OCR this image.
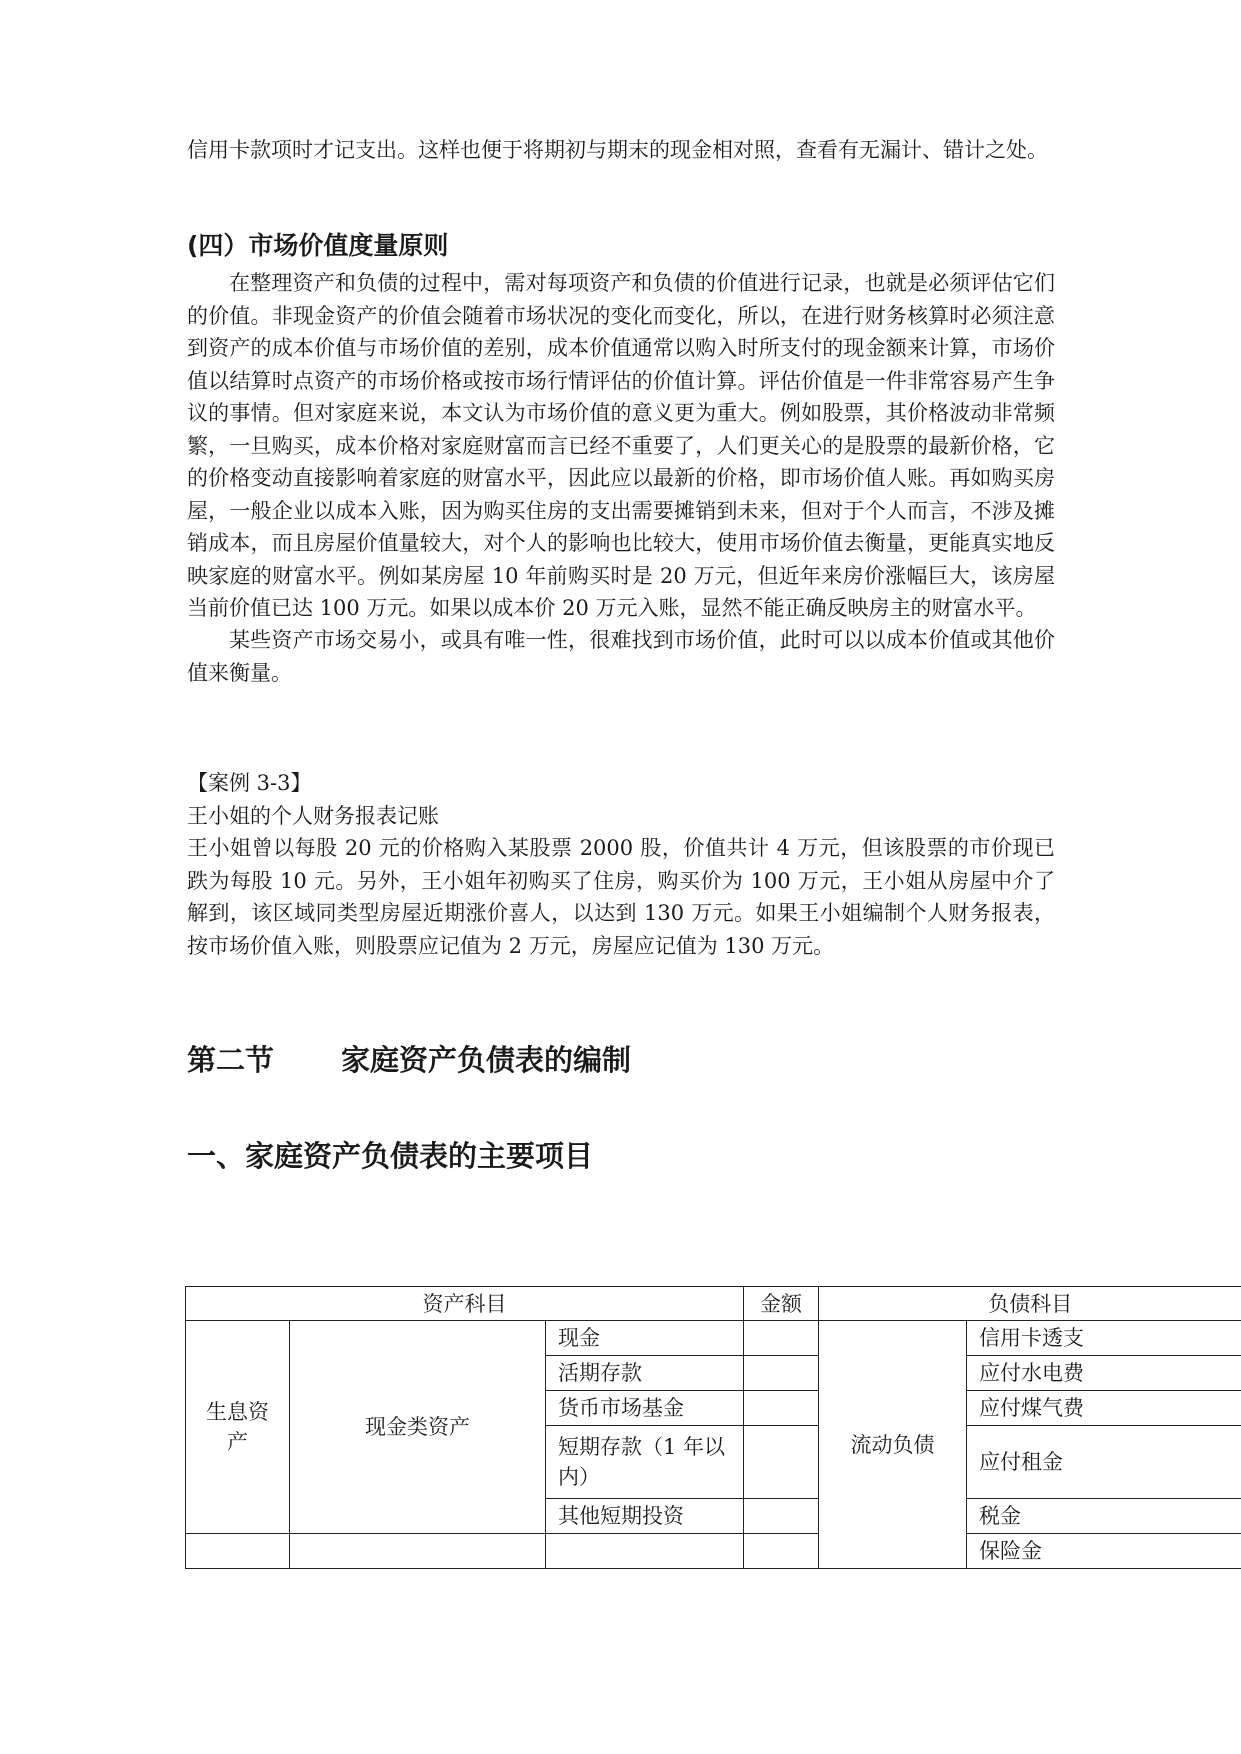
信用卡款项时才记支出。这样也便于将期初与期末的现金相对照，查看有无漏计、错计之处。

(四）市场价值度量原则

在整理资产和负债的过程中，需对每项资产和负债的价值进行记录，也就是必须评估它们的价值。非现金资产的价值会随着市场状况的变化而变化，所以，在进行财务核算时必须注意到资产的成本价值与市场价值的差别，成本价值通常以购入时所支付的现金额来计算，市场价值以结算时点资产的市场价格或按市场行情评估的价值计算。评估价值是一件非常容易产生争议的事情。但对家庭来说，本文认为市场价值的意义更为重大。例如股票，其价格波动非常频繁，一旦购买，成本价格对家庭财富而言已经不重要了，人们更关心的是股票的最新价格，它的价格变动直接影响着家庭的财富水平，因此应以最新的价格，即市场价值人账。再如购买房屋，一般企业以成本入账，因为购买住房的支出需要摊销到未来，但对于个人而言，不涉及摊销成本，而且房屋价值量较大，对个人的影响也比较大，使用市场价值去衡量，更能真实地反映家庭的财富水平。例如某房屋 10 年前购买时是 20 万元，但近年来房价涨幅巨大，该房屋当前价值已达 100 万元。如果以成本价 20 万元入账，显然不能正确反映房主的财富水平。

某些资产市场交易小，或具有唯一性，很难找到市场价值，此时可以以成本价值或其他价值来衡量。

【案例 3-3】

王小姐的个人财务报表记账

王小姐曾以每股 20 元的价格购入某股票 2000 股，价值共计 4 万元，但该股票的市价现已跌为每股 10 元。另外，王小姐年初购买了住房，购买价为 100 万元，王小姐从房屋中介了解到，该区域同类型房屋近期涨价喜人，以达到 130 万元。如果王小姐编制个人财务报表，按市场价值入账，则股票应记值为 2 万元，房屋应记值为 130 万元。

第二节 家庭资产负债表的编制
一、家庭资产负债表的主要项目
资产科目			金额	负债科目	
生息资产	现金类资产	现金		流动负债	信用卡透支
		活期存款			应付水电费
		货币市场基金			应付煤气费
		短期存款（1 年以内）			应付租金
		其他短期投资			税金
					保险金
